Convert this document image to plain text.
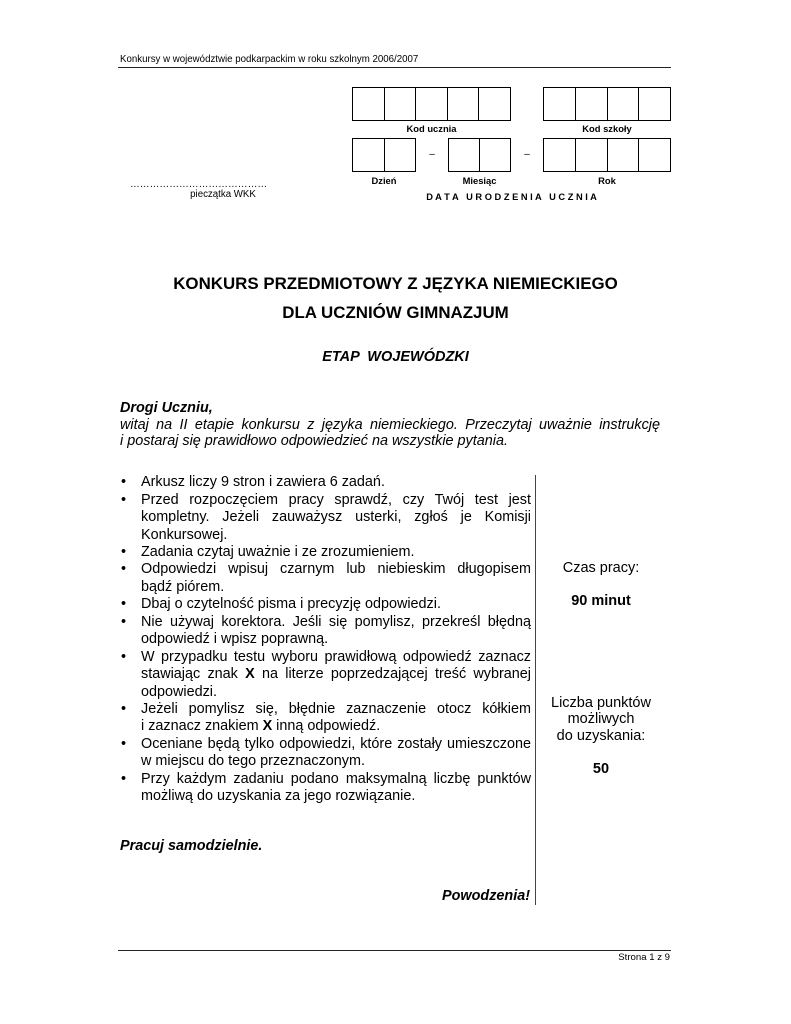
Konkursy w województwie podkarpackim w roku szkolnym 2006/2007
Kod ucznia	Kod szkoły
–	–
Dzień	Miesiąc	Rok
D A T A   U R O D Z E N I A   U C Z N I A
……………………………………
pieczątka WKK
KONKURS PRZEDMIOTOWY Z JĘZYKA NIEMIECKIEGO
DLA UCZNIÓW GIMNAZJUM
ETAP  WOJEWÓDZKI
Drogi Uczniu,
witaj na II etapie konkursu z języka niemieckiego. Przeczytaj uważnie instrukcję
i postaraj się prawidłowo odpowiedzieć na wszystkie pytania.
•	Arkusz liczy 9 stron i zawiera 6 zadań.
•	Przed rozpoczęciem pracy sprawdź, czy Twój test jest
kompletny. Jeżeli zauważysz usterki, zgłoś je Komisji
Konkursowej.
•	Zadania czytaj uważnie i ze zrozumieniem.
•	Odpowiedzi wpisuj czarnym lub niebieskim długopisem
bądź piórem.
•	Dbaj o czytelność pisma i precyzję odpowiedzi.
•	Nie używaj korektora. Jeśli się pomylisz, przekreśl błędną
odpowiedź i wpisz poprawną.
•	W przypadku testu wyboru prawidłową odpowiedź zaznacz
stawiając znak X na literze poprzedzającej treść wybranej
odpowiedzi.
•	Jeżeli pomylisz się, błędnie zaznaczenie otocz kółkiem
i zaznacz znakiem X inną odpowiedź.
•	Oceniane będą tylko odpowiedzi, które zostały umieszczone
w miejscu do tego przeznaczonym.
•	Przy każdym zadaniu podano maksymalną liczbę punktów
możliwą do uzyskania za jego rozwiązanie.
Pracuj samodzielnie.
Powodzenia!
Czas pracy:
90 minut
Liczba punktów
możliwych
do uzyskania:
50
Strona 1 z 9
